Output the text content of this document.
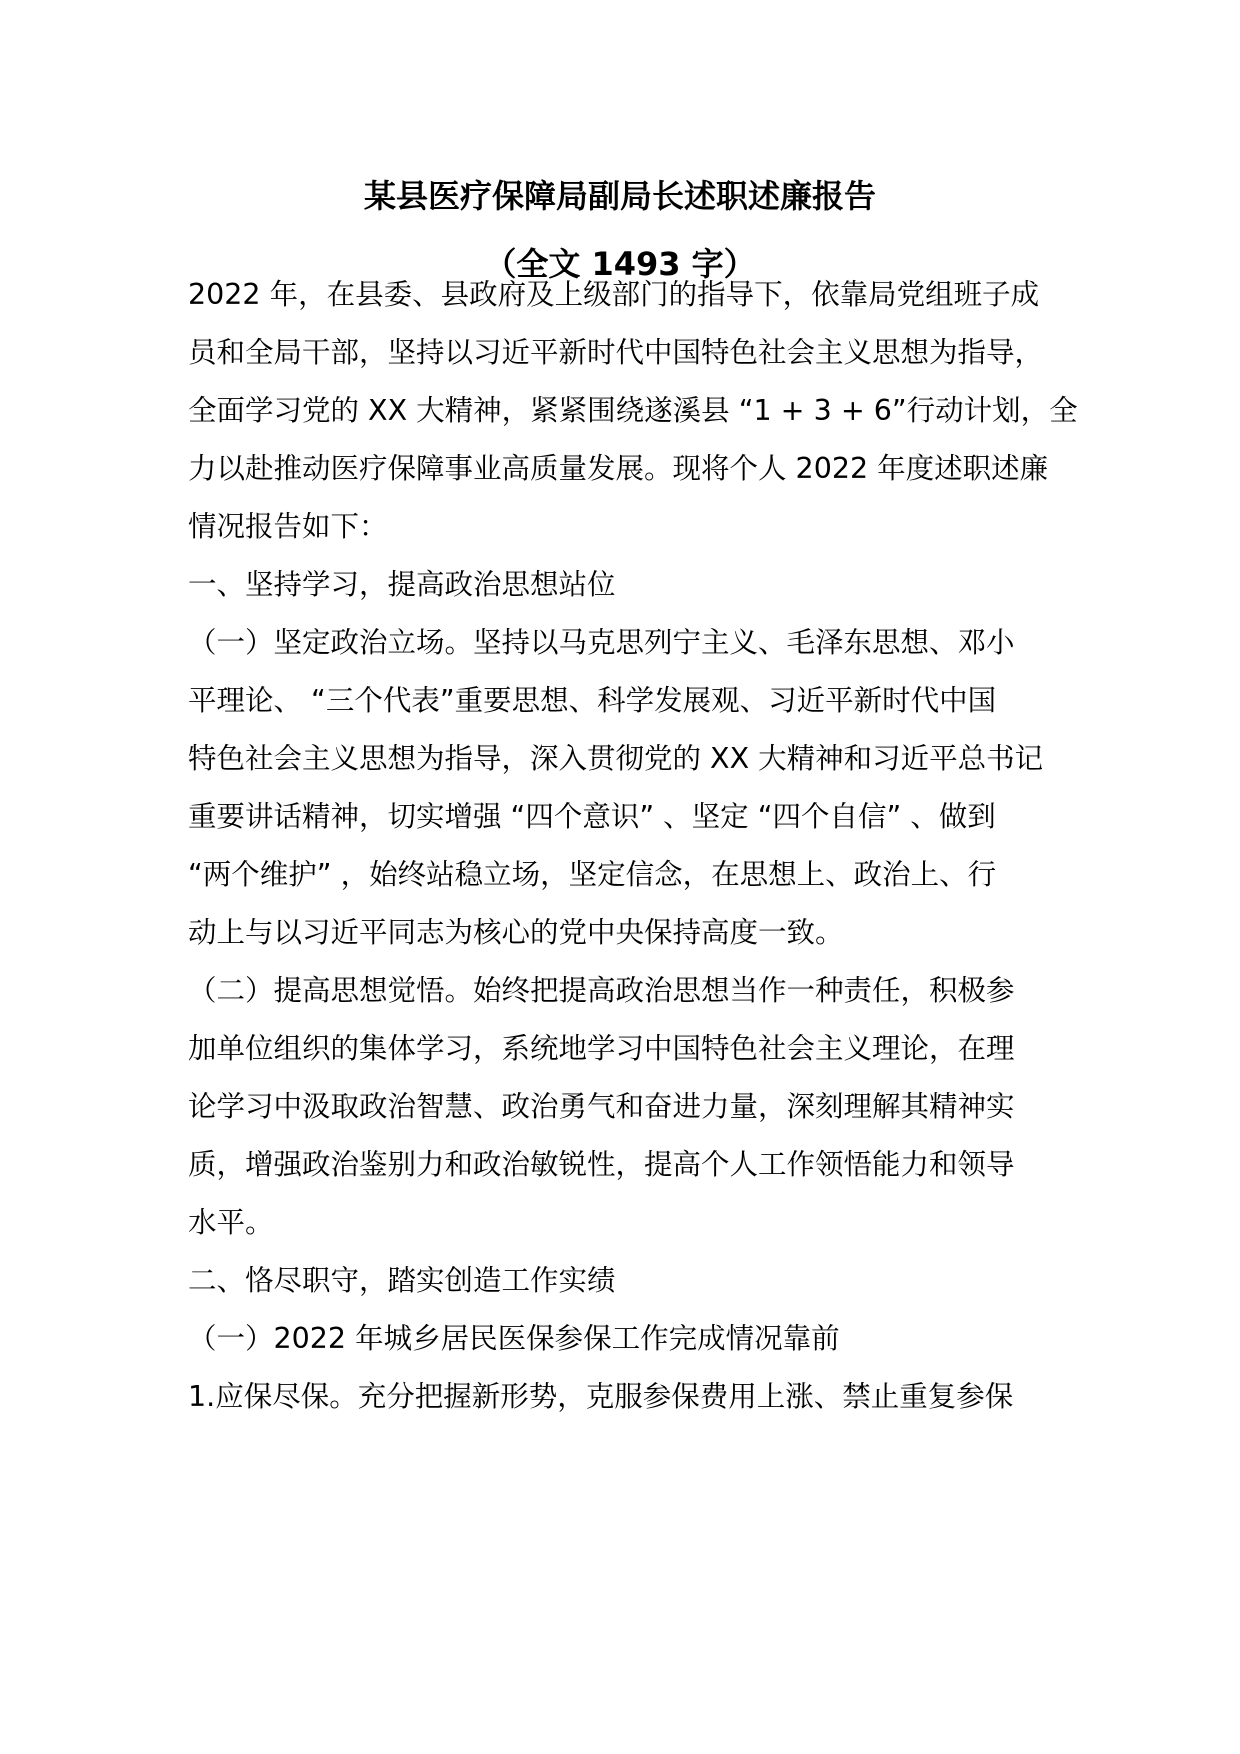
某县医疗保障局副局长述职述廉报告
（全文 1493 字）

2022 年，在县委、县政府及上级部门的指导下，依靠局党组班子成

员和全局干部，坚持以习近平新时代中国特色社会主义思想为指导，

全面学习党的 XX 大精神，紧紧围绕遂溪县 “1 + 3 + 6”行动计划，全

力以赴推动医疗保障事业高质量发展。现将个人 2022 年度述职述廉

情况报告如下：

一、坚持学习，提高政治思想站位

（一）坚定政治立场。坚持以马克思列宁主义、毛泽东思想、邓小

平理论、 “三个代表”重要思想、科学发展观、习近平新时代中国

特色社会主义思想为指导，深入贯彻党的 XX 大精神和习近平总书记

重要讲话精神，切实增强 “四个意识” 、坚定 “四个自信” 、做到

“两个维护” ，始终站稳立场，坚定信念，在思想上、政治上、行

动上与以习近平同志为核心的党中央保持高度一致。

（二）提高思想觉悟。始终把提高政治思想当作一种责任，积极参

加单位组织的集体学习，系统地学习中国特色社会主义理论，在理

论学习中汲取政治智慧、政治勇气和奋进力量，深刻理解其精神实

质，增强政治鉴别力和政治敏锐性，提高个人工作领悟能力和领导

水平。

二、恪尽职守，踏实创造工作实绩

（一）2022 年城乡居民医保参保工作完成情况靠前

1.应保尽保。充分把握新形势，克服参保费用上涨、禁止重复参保
